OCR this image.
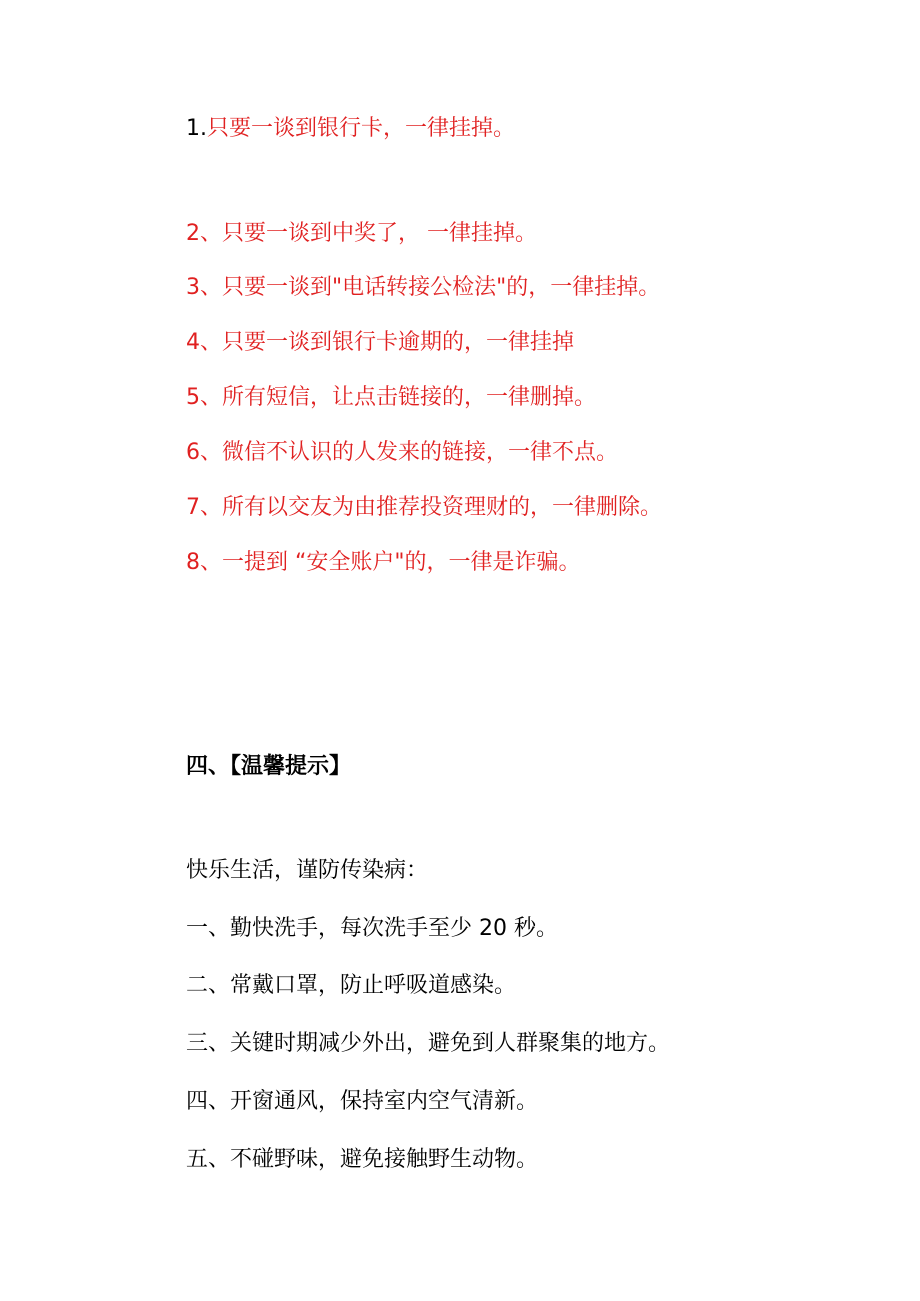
1.只要一谈到银行卡，一律挂掉。
2、只要一谈到中奖了， 一律挂掉。
3、只要一谈到"电话转接公检法"的，一律挂掉。
4、只要一谈到银行卡逾期的，一律挂掉
5、所有短信，让点击链接的，一律删掉。
6、微信不认识的人发来的链接，一律不点。
7、所有以交友为由推荐投资理财的，一律删除。
8、一提到 “安全账户"的，一律是诈骗。
四、【温馨提示】
快乐生活，谨防传染病：
一、勤快洗手，每次洗手至少 20 秒。
二、常戴口罩，防止呼吸道感染。
三、关键时期减少外出，避免到人群聚集的地方。
四、开窗通风，保持室内空气清新。
五、不碰野味，避免接触野生动物。
